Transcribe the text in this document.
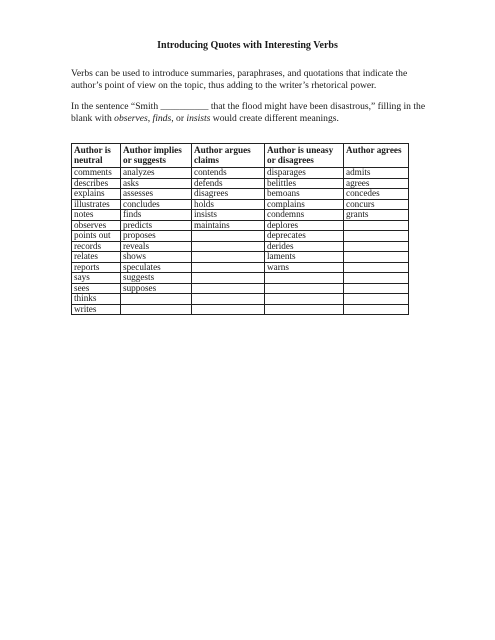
Introducing Quotes with Interesting Verbs
Verbs can be used to introduce summaries, paraphrases, and quotations that indicate the author’s point of view on the topic, thus adding to the writer’s rhetorical power.
In the sentence “Smith __________ that the flood might have been disastrous,” filling in the blank with observes, finds, or insists would create different meanings.
Author is neutral	Author implies or suggests	Author argues claims	Author is uneasy or disagrees	Author agrees
comments	analyzes	contends	disparages	admits
describes	asks	defends	belittles	agrees
explains	assesses	disagrees	bemoans	concedes
illustrates	concludes	holds	complains	concurs
notes	finds	insists	condemns	grants
observes	predicts	maintains	deplores	
points out	proposes		deprecates	
records	reveals		derides	
relates	shows		laments	
reports	speculates		warns	
says	suggests			
sees	supposes			
thinks				
writes				
